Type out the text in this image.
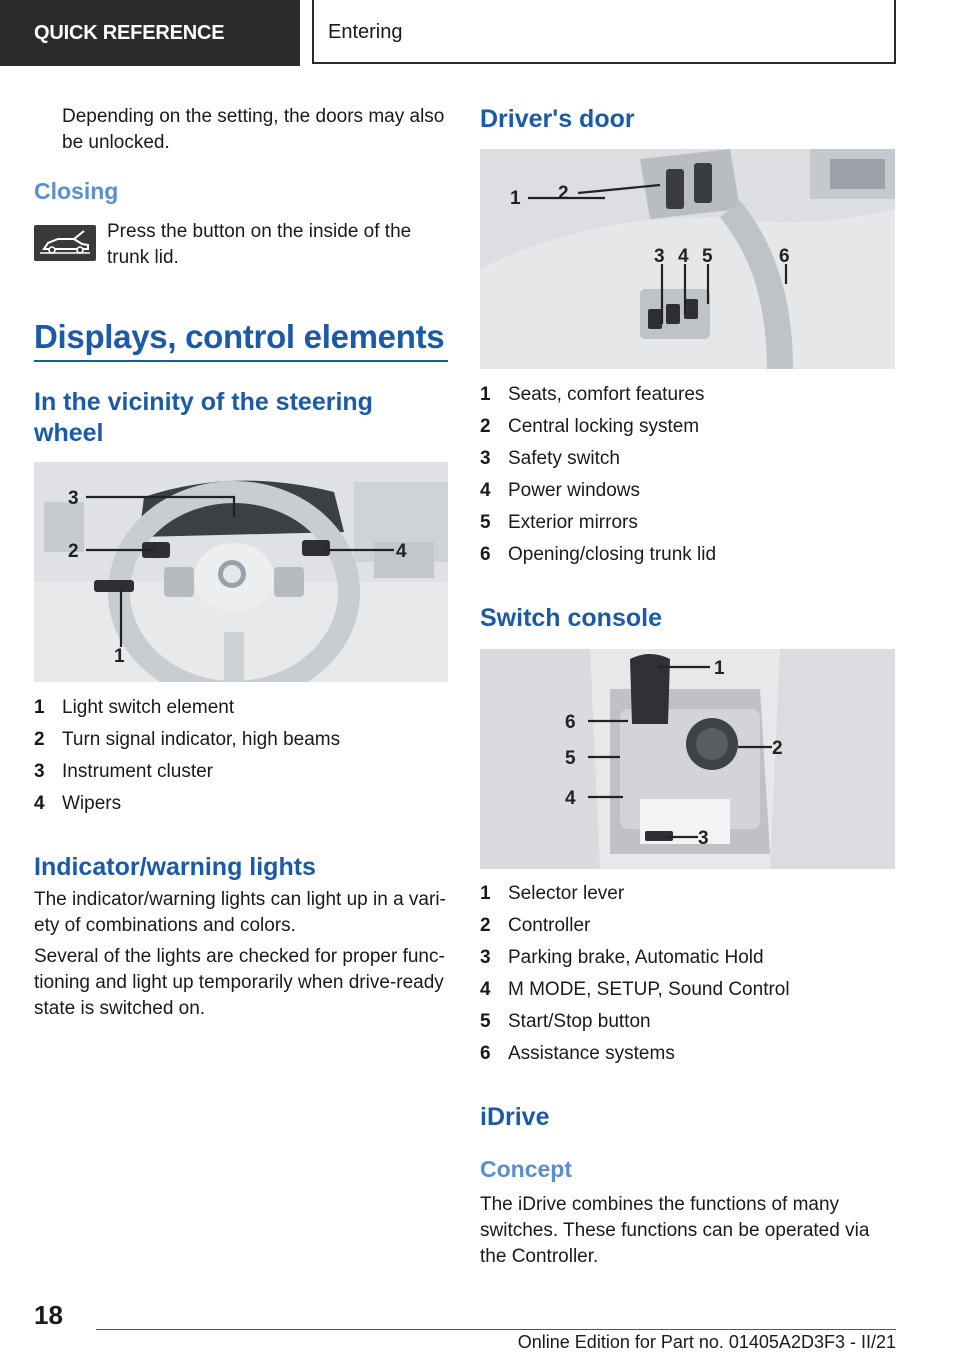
QUICK REFERENCE	Entering

Depending on the setting, the doors may also be unlocked.

Closing

Press the button on the inside of the trunk lid.

Displays, control elements
In the vicinity of the steering wheel
3
2	4
1
1 Light switch element
2 Turn signal indicator, high beams
3 Instrument cluster
4 Wipers
Indicator/warning lights

The indicator/warning lights can light up in a vari-ety of combinations and colors.

Several of the lights are checked for proper func-tioning and light up temporarily when drive-ready state is switched on.

Driver's door
1 2
3 4 5	6
1 Seats, comfort features
2 Central locking system
3 Safety switch
4 Power windows
5 Exterior mirrors
6 Opening/closing trunk lid
Switch console
1
2
3
4
5
6
1 Selector lever
2 Controller
3 Parking brake, Automatic Hold
4 M MODE, SETUP, Sound Control
5 Start/Stop button
6 Assistance systems
iDrive
Concept

The iDrive combines the functions of many switches. These functions can be operated via the Controller.

18
Online Edition for Part no. 01405A2D3F3 - II/21
